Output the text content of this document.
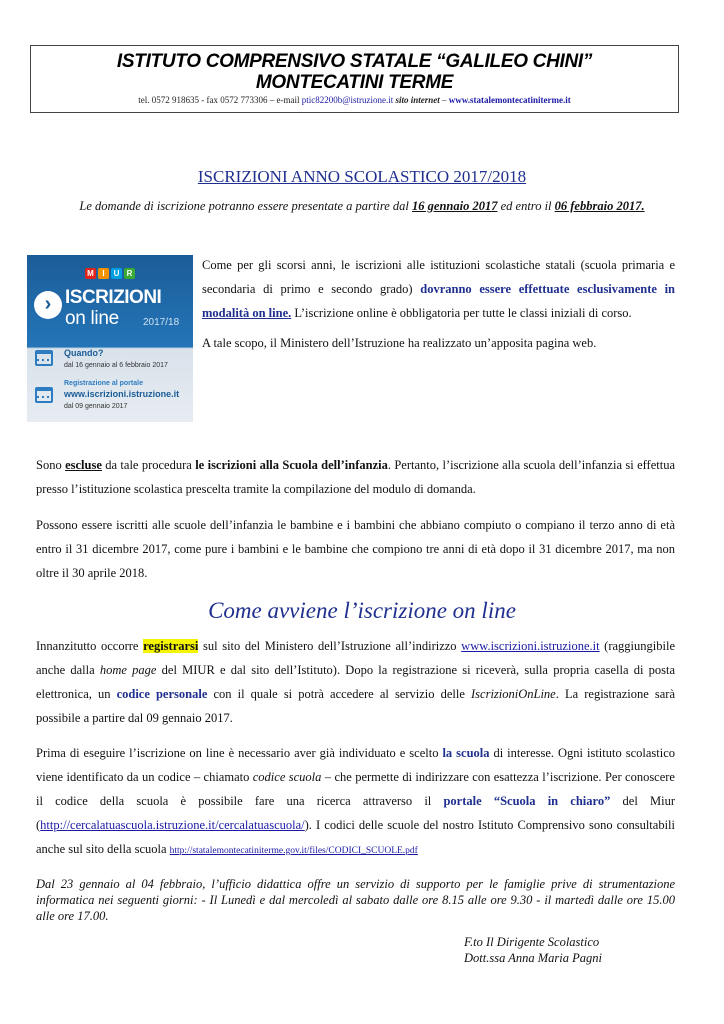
ISTITUTO COMPRENSIVO STATALE “GALILEO CHINI”
MONTECATINI TERME
tel. 0572 918635 - fax 0572 773306 – e-mail ptic82200b@istruzione.it sito internet – www.statalemontecatiniterme.it
ISCRIZIONI ANNO SCOLASTICO 2017/2018
Le domande di iscrizione potranno essere presentate a partire dal 16 gennaio 2017 ed entro il 06 febbraio 2017.
M I U R
› ISCRIZIONI
on line 2017/18
Quando?
dal 16 gennaio al 6 febbraio 2017
Registrazione al portale
www.iscrizioni.istruzione.it
dal 09 gennaio 2017

Come per gli scorsi anni, le iscrizioni alle istituzioni scolastiche statali (scuola primaria e secondaria di primo e secondo grado) dovranno essere effettuate esclusivamente in modalità on line. L’iscrizione online è obbligatoria per tutte le classi iniziali di corso.

A tale scopo, il Ministero dell’Istruzione ha realizzato un’apposita pagina web.

Sono escluse da tale procedura le iscrizioni alla Scuola dell’infanzia. Pertanto, l’iscrizione alla scuola dell’infanzia si effettua presso l’istituzione scolastica prescelta tramite la compilazione del modulo di domanda.

Possono essere iscritti alle scuole dell’infanzia le bambine e i bambini che abbiano compiuto o compiano il terzo anno di età entro il 31 dicembre 2017, come pure i bambini e le bambine che compiono tre anni di età dopo il 31 dicembre 2017, ma non oltre il 30 aprile 2018.

Come avviene l’iscrizione on line

Innanzitutto occorre registrarsi sul sito del Ministero dell’Istruzione all’indirizzo www.iscrizioni.istruzione.it (raggiungibile anche dalla home page del MIUR e dal sito dell’Istituto). Dopo la registrazione si riceverà, sulla propria casella di posta elettronica, un codice personale con il quale si potrà accedere al servizio delle IscrizioniOnLine. La registrazione sarà possibile a partire dal 09 gennaio 2017.

Prima di eseguire l’iscrizione on line è necessario aver già individuato e scelto la scuola di interesse. Ogni istituto scolastico viene identificato da un codice – chiamato codice scuola – che permette di indirizzare con esattezza l’iscrizione. Per conoscere il codice della scuola è possibile fare una ricerca attraverso il portale “Scuola in chiaro” del Miur (http://cercalatuascuola.istruzione.it/cercalatuascuola/). I codici delle scuole del nostro Istituto Comprensivo sono consultabili anche sul sito della scuola http://statalemontecatiniterme.gov.it/files/CODICI_SCUOLE.pdf

Dal 23 gennaio al 04 febbraio, l’ufficio didattica offre un servizio di supporto per le famiglie prive di strumentazione informatica nei seguenti giorni: - Il Lunedì e dal mercoledì al sabato dalle ore 8.15 alle ore 9.30 - il martedì dalle ore 15.00 alle ore 17.00.
F.to Il Dirigente Scolastico
Dott.ssa Anna Maria Pagni
